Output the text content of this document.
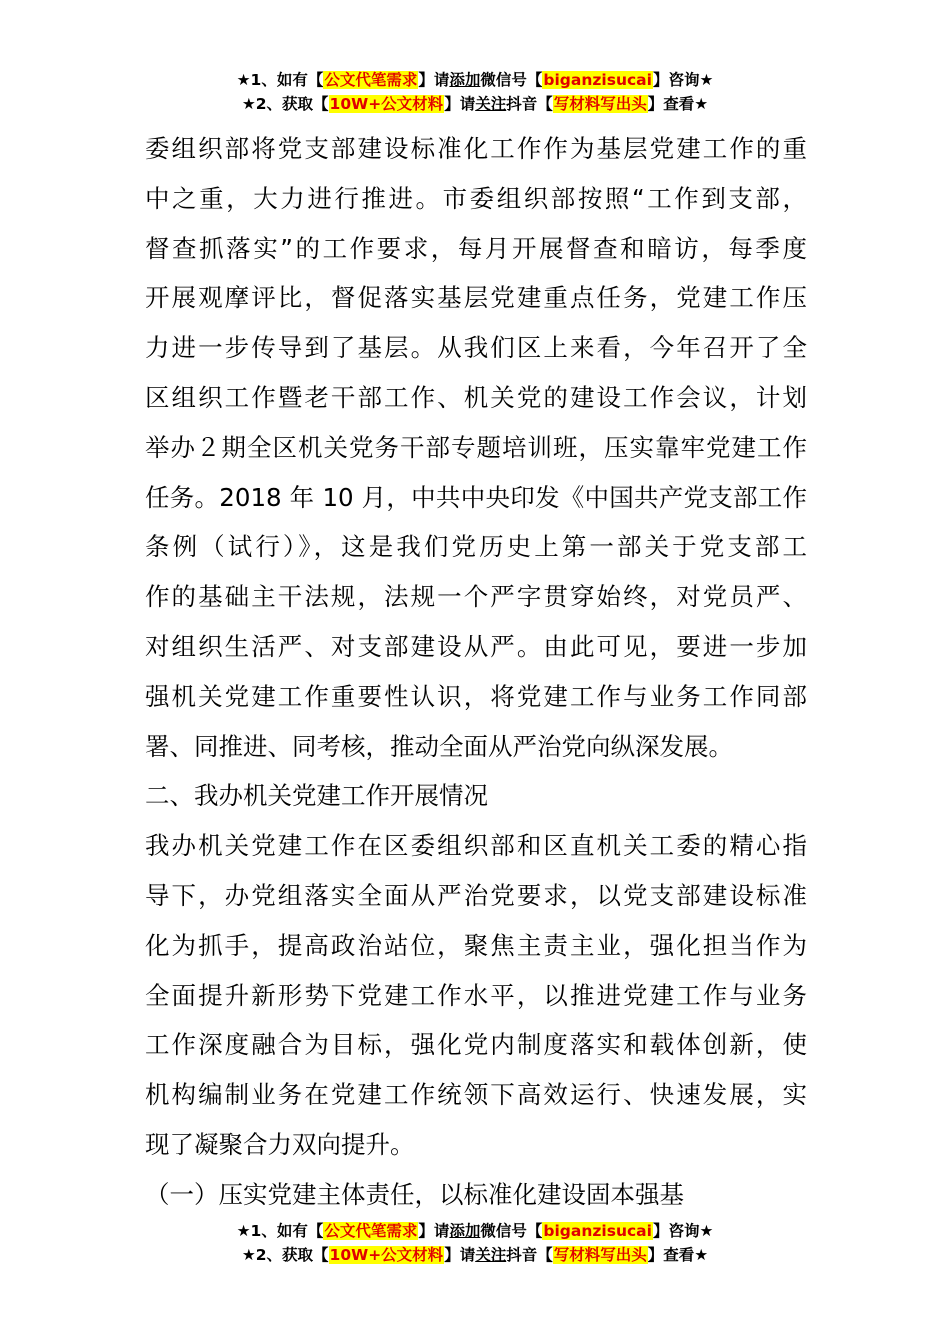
★1、如有【公文代笔需求】请添加微信号【biganzisucai】咨询★
★2、获取【10W+公文材料】请关注抖音【写材料写出头】查看★

委组织部将党支部建设标准化工作作为基层党建工作的重

中之重，大力进行推进。市委组织部按照“工作到支部，

督查抓落实”的工作要求，每月开展督查和暗访，每季度

开展观摩评比，督促落实基层党建重点任务，党建工作压

力进一步传导到了基层。从我们区上来看，今年召开了全

区组织工作暨老干部工作、机关党的建设工作会议，计划

举办２期全区机关党务干部专题培训班，压实靠牢党建工作

任务。2018 年 10 月，中共中央印发《中国共产党支部工作

条例（试行）》，这是我们党历史上第一部关于党支部工

作的基础主干法规，法规一个严字贯穿始终，对党员严、

对组织生活严、对支部建设从严。由此可见，要进一步加

强机关党建工作重要性认识，将党建工作与业务工作同部

署、同推进、同考核，推动全面从严治党向纵深发展。

二、我办机关党建工作开展情况

我办机关党建工作在区委组织部和区直机关工委的精心指

导下，办党组落实全面从严治党要求，以党支部建设标准

化为抓手，提高政治站位，聚焦主责主业，强化担当作为

全面提升新形势下党建工作水平，以推进党建工作与业务

工作深度融合为目标，强化党内制度落实和载体创新，使

机构编制业务在党建工作统领下高效运行、快速发展，实

现了凝聚合力双向提升。

（一）压实党建主体责任，以标准化建设固本强基

★1、如有【公文代笔需求】请添加微信号【biganzisucai】咨询★
★2、获取【10W+公文材料】请关注抖音【写材料写出头】查看★
